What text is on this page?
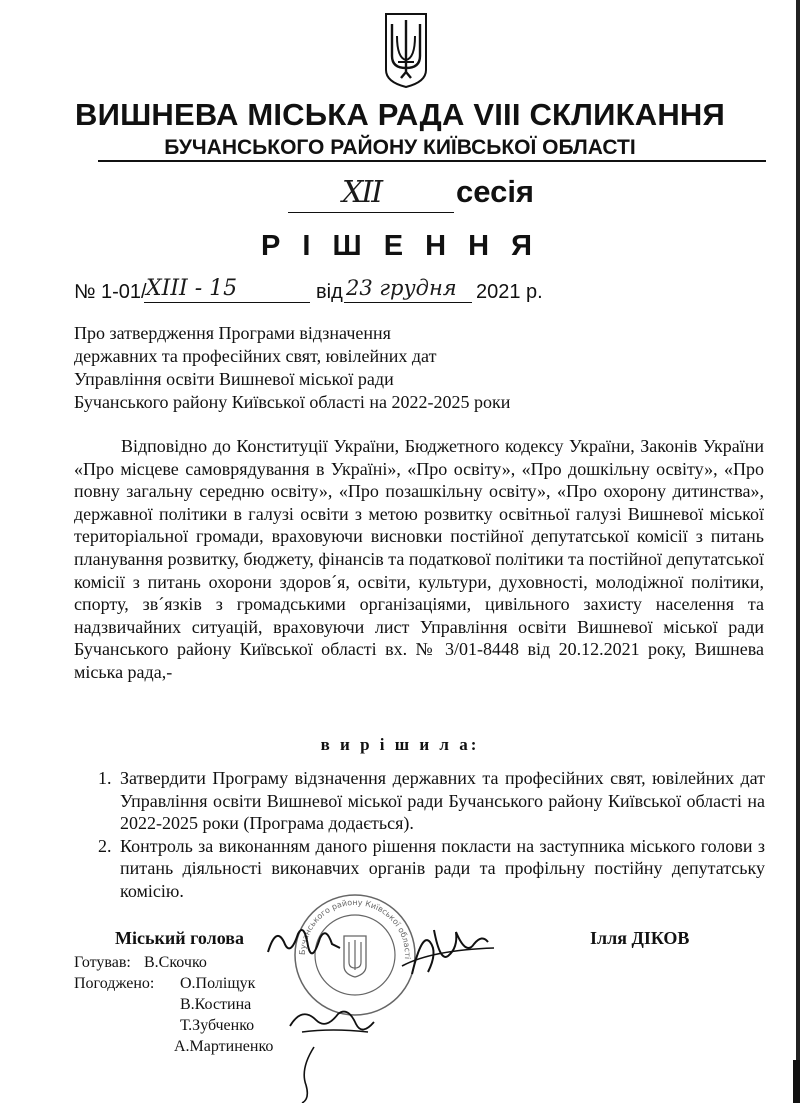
ВИШНЕВА МІСЬКА РАДА VIII СКЛИКАННЯ
БУЧАНСЬКОГО РАЙОНУ КИЇВСЬКОЇ ОБЛАСТІ
XII сесія
Р І Ш Е Н Н Я
№ 1-01/ XIII - 15	від 23 грудня 2021 р.
Про затвердження Програми відзначення
державних та професійних свят, ювілейних дат
Управління освіти Вишневої міської ради
Бучанського району Київської області на 2022-2025 роки
Відповідно до Конституції України, Бюджетного кодексу України, Законів України «Про місцеве самоврядування в Україні», «Про освіту», «Про дошкільну освіту», «Про повну загальну середню освіту», «Про позашкільну освіту», «Про охорону дитинства», державної політики в галузі освіти з метою розвитку освітньої галузі Вишневої міської територіальної громади, враховуючи висновки постійної депутатської комісії з питань планування розвитку, бюджету, фінансів та податкової політики та постійної депутатської комісії з питань охорони здоров´я, освіти, культури, духовності, молодіжної політики, спорту, зв´язків з громадськими організаціями, цивільного захисту населення та надзвичайних ситуацій, враховуючи лист Управління освіти Вишневої міської ради Бучанського району Київської області вх. № 3/01-8448 від 20.12.2021 року, Вишнева міська рада,-
в и р і ш и л а:
1. Затвердити Програму відзначення державних та професійних свят, ювілейних дат Управління освіти Вишневої міської ради Бучанського району Київської області на 2022-2025 роки (Програма додається).
2. Контроль за виконанням даного рішення покласти на заступника міського голови з питань діяльності виконавчих органів ради та профільну постійну депутатську комісію.
Бучанського району Київської області
Міський голова	Ілля ДІКОВ
Готував: В.Скочко
Погоджено: О.Поліщук
В.Костина
Т.Зубченко
А.Мартиненко
